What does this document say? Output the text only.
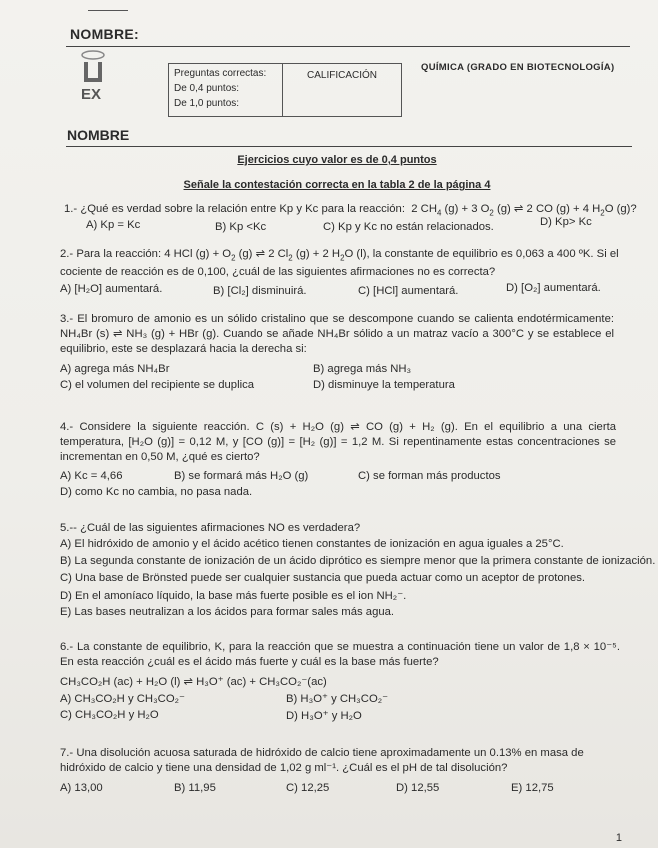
NOMBRE:
EX
Preguntas correctas:
De 0,4 puntos:
De 1,0 puntos:
	CALIFICACIÓN
QUÍMICA (GRADO EN BIOTECNOLOGÍA)
NOMBRE
Ejercicios cuyo valor es de 0,4 puntos
Señale la contestación correcta en la tabla 2 de la página 4
1.- ¿Qué es verdad sobre la relación entre Kp y Kc para la reacción:  2 $CH_4$ (g) + 3 $O_2$ (g) ⇌ 2 CO (g) + 4 $H_2O$ (g)?
A) Kp = Kc	B) Kp <Kc	C) Kp y Kc no están relacionados.	D) Kp> Kc
2.- Para la reacción: 4 HCl $(g) + O_2$ (g) ⇌ 2 $Cl_2$ (g) + 2 $H_2O$ (l), la constante de equilibrio es 0,063 a 400 ºK. Si el cociente de reacción es de 0,100, ¿cuál de las siguientes afirmaciones no es correcta?
A) [H₂O] aumentará.	B) [Cl₂] disminuirá.	C) [HCl] aumentará.	D) [O₂] aumentará.
3.- El bromuro de amonio es un sólido cristalino que se descompone cuando se calienta endotérmicamente: NH₄Br (s) ⇌ NH₃ (g) + HBr (g). Cuando se añade NH₄Br sólido a un matraz vacío a 300°C y se establece el equilibrio, este se desplazará hacia la derecha si:
A) agrega más NH₄Br	B) agrega más NH₃
C) el volumen del recipiente se duplica	D) disminuye la temperatura
4.- Considere la siguiente reacción. C (s) + H₂O (g) ⇌ CO (g) + H₂ (g). En el equilibrio a una cierta temperatura, [H₂O (g)] = 0,12 M, y [CO (g)] = [H₂ (g)] = 1,2 M. Si repentinamente estas concentraciones se incrementan en 0,50 M, ¿qué es cierto?
A) Kc = 4,66	B) se formará más H₂O (g)	C) se forman más productos
D) como Kc no cambia, no pasa nada.
5.-- ¿Cuál de las siguientes afirmaciones NO es verdadera?
A) El hidróxido de amonio y el ácido acético tienen constantes de ionización en agua iguales a 25°C.
B) La segunda constante de ionización de un ácido diprótico es siempre menor que la primera constante de ionización.
C) Una base de Brönsted puede ser cualquier sustancia que pueda actuar como un aceptor de protones.
D) En el amoníaco líquido, la base más fuerte posible es el ion NH₂⁻.
E) Las bases neutralizan a los ácidos para formar sales más agua.
6.- La constante de equilibrio, K, para la reacción que se muestra a continuación tiene un valor de 1,8 × 10⁻⁵. En esta reacción ¿cuál es el ácido más fuerte y cuál es la base más fuerte?
CH₃CO₂H (ac) + H₂O (l) ⇌ H₃O⁺ (ac) + CH₃CO₂⁻(ac)
A) CH₃CO₂H y CH₃CO₂⁻	B) H₃O⁺ y CH₃CO₂⁻
C) CH₃CO₂H y H₂O	D) H₃O⁺ y H₂O
7.- Una disolución acuosa saturada de hidróxido de calcio tiene aproximadamente un 0.13% en masa de hidróxido de calcio y tiene una densidad de 1,02 g ml⁻¹. ¿Cuál es el pH de tal disolución?
A) 13,00	B) 11,95	C) 12,25	D) 12,55	E) 12,75
1
